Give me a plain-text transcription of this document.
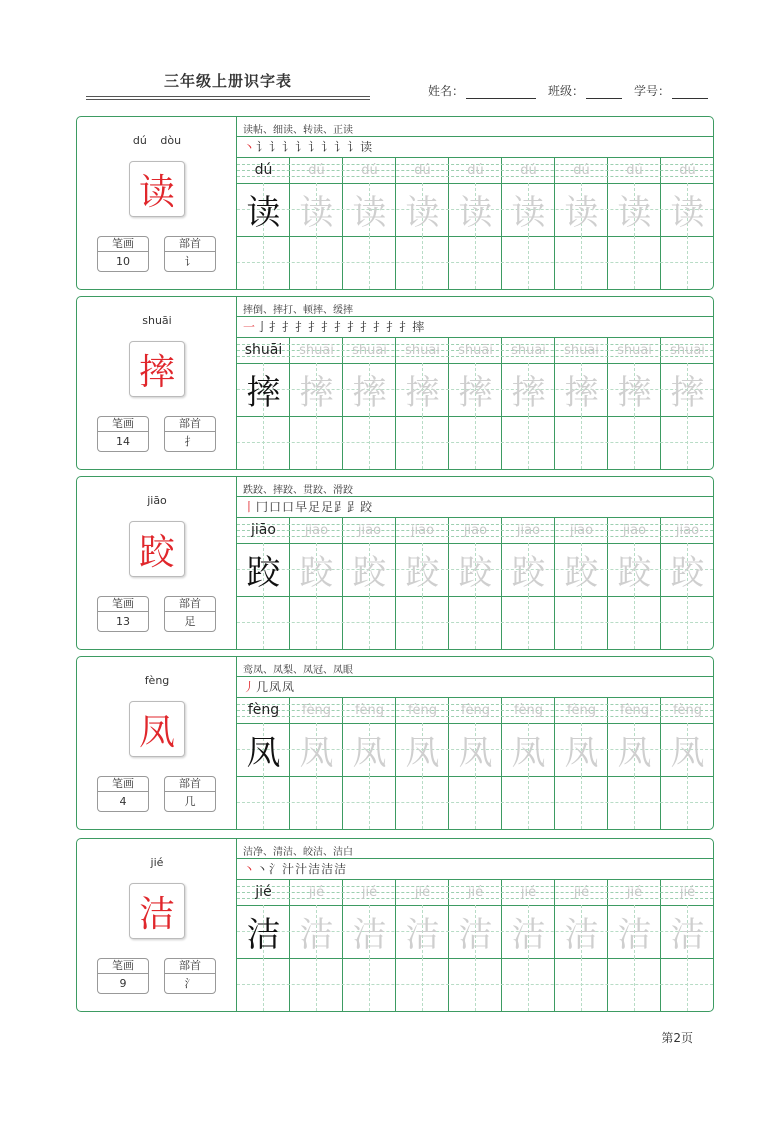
三年级上册识字表
姓名：	班级：	学号：
dú dòu
读
笔画
10
部首
讠
读帖、细读、转读、正读
丶讠讠讠讠讠讠讠讠读
dú	dú	dú	dú	dú	dú	dú	dú	dú
读 读 读 读 读 读 读 读 读
shuāi
摔
笔画
14
部首
扌
摔倒、摔打、顿摔、缓摔
一亅扌扌扌扌扌扌扌扌扌扌扌摔
shuāi	shuāi	shuāi	shuāi	shuāi	shuāi	shuāi	shuāi	shuāi
摔 摔 摔 摔 摔 摔 摔 摔 摔
jiāo
跤
笔画
13
部首
足
跌跤、摔跤、贯跤、滑跤
丨冂口口早足足𧾷𧾷跤
jiāo	jiāo	jiāo	jiāo	jiāo	jiāo	jiāo	jiāo	jiāo
跤 跤 跤 跤 跤 跤 跤 跤 跤
fèng
凤
笔画
4
部首
几
鸾凤、凤梨、凤冠、凤眼
丿几凤凤
fèng	fèng	fèng	fèng	fèng	fèng	fèng	fèng	fèng
凤 凤 凤 凤 凤 凤 凤 凤 凤
jié
洁
笔画
9
部首
氵
洁净、清洁、皎洁、洁白
丶丶氵汁汁洁洁洁
jié	jié	jié	jié	jié	jié	jié	jié	jié
洁 洁 洁 洁 洁 洁 洁 洁 洁
第2页
